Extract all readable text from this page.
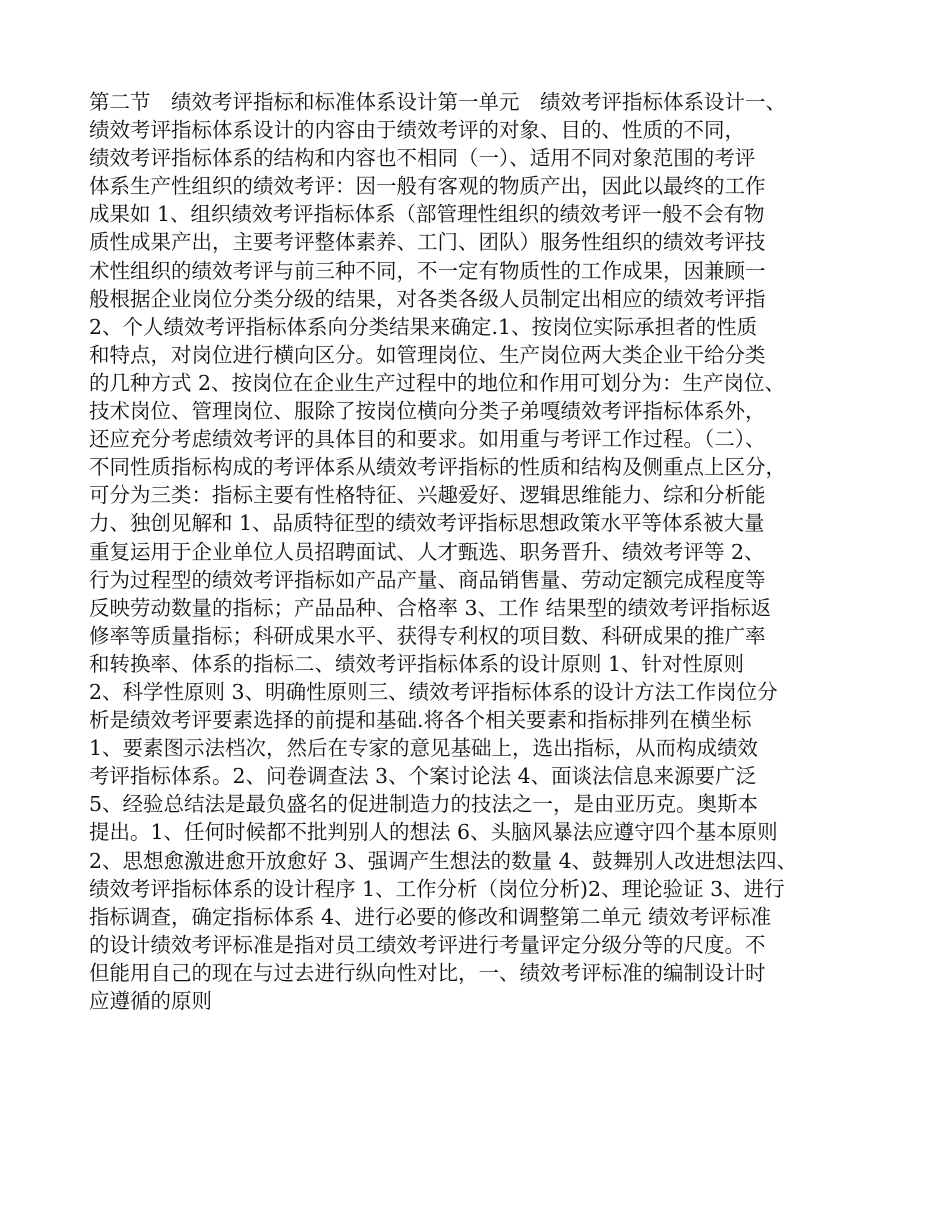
第二节　绩效考评指标和标准体系设计第一单元　绩效考评指标体系设计一、
绩效考评指标体系设计的内容由于绩效考评的对象、目的、性质的不同，
绩效考评指标体系的结构和内容也不相同（一）、适用不同对象范围的考评
体系生产性组织的绩效考评：因一般有客观的物质产出，因此以最终的工作
成果如 1、组织绩效考评指标体系（部管理性组织的绩效考评一般不会有物
质性成果产出，主要考评整体素养、工门、团队）服务性组织的绩效考评技
术性组织的绩效考评与前三种不同，不一定有物质性的工作成果，因兼顾一
般根据企业岗位分类分级的结果，对各类各级人员制定出相应的绩效考评指
2、个人绩效考评指标体系向分类结果来确定.1、按岗位实际承担者的性质
和特点，对岗位进行横向区分。如管理岗位、生产岗位两大类企业干给分类
的几种方式 2、按岗位在企业生产过程中的地位和作用可划分为：生产岗位、
技术岗位、管理岗位、服除了按岗位横向分类子弟嘎绩效考评指标体系外，
还应充分考虑绩效考评的具体目的和要求。如用重与考评工作过程。（二）、
不同性质指标构成的考评体系从绩效考评指标的性质和结构及侧重点上区分，
可分为三类：指标主要有性格特征、兴趣爱好、逻辑思维能力、综和分析能
力、独创见解和 1、品质特征型的绩效考评指标思想政策水平等体系被大量
重复运用于企业单位人员招聘面试、人才甄选、职务晋升、绩效考评等 2、
行为过程型的绩效考评指标如产品产量、商品销售量、劳动定额完成程度等
反映劳动数量的指标；产品品种、合格率 3、工作 结果型的绩效考评指标返
修率等质量指标；科研成果水平、获得专利权的项目数、科研成果的推广率
和转换率、体系的指标二、绩效考评指标体系的设计原则 1、针对性原则
2、科学性原则 3、明确性原则三、绩效考评指标体系的设计方法工作岗位分
析是绩效考评要素选择的前提和基础.将各个相关要素和指标排列在横坐标
1、要素图示法档次，然后在专家的意见基础上，选出指标，从而构成绩效
考评指标体系。2、问卷调查法 3、个案讨论法 4、面谈法信息来源要广泛
5、经验总结法是最负盛名的促进制造力的技法之一，是由亚历克。奥斯本
提出。1、任何时候都不批判别人的想法 6、头脑风暴法应遵守四个基本原则
2、思想愈激进愈开放愈好 3、强调产生想法的数量 4、鼓舞别人改进想法四、
绩效考评指标体系的设计程序 1、工作分析（岗位分析)2、理论验证 3、进行
指标调查，确定指标体系 4、进行必要的修改和调整第二单元 绩效考评标准
的设计绩效考评标准是指对员工绩效考评进行考量评定分级分等的尺度。不
但能用自己的现在与过去进行纵向性对比，一、绩效考评标准的编制设计时
应遵循的原则
